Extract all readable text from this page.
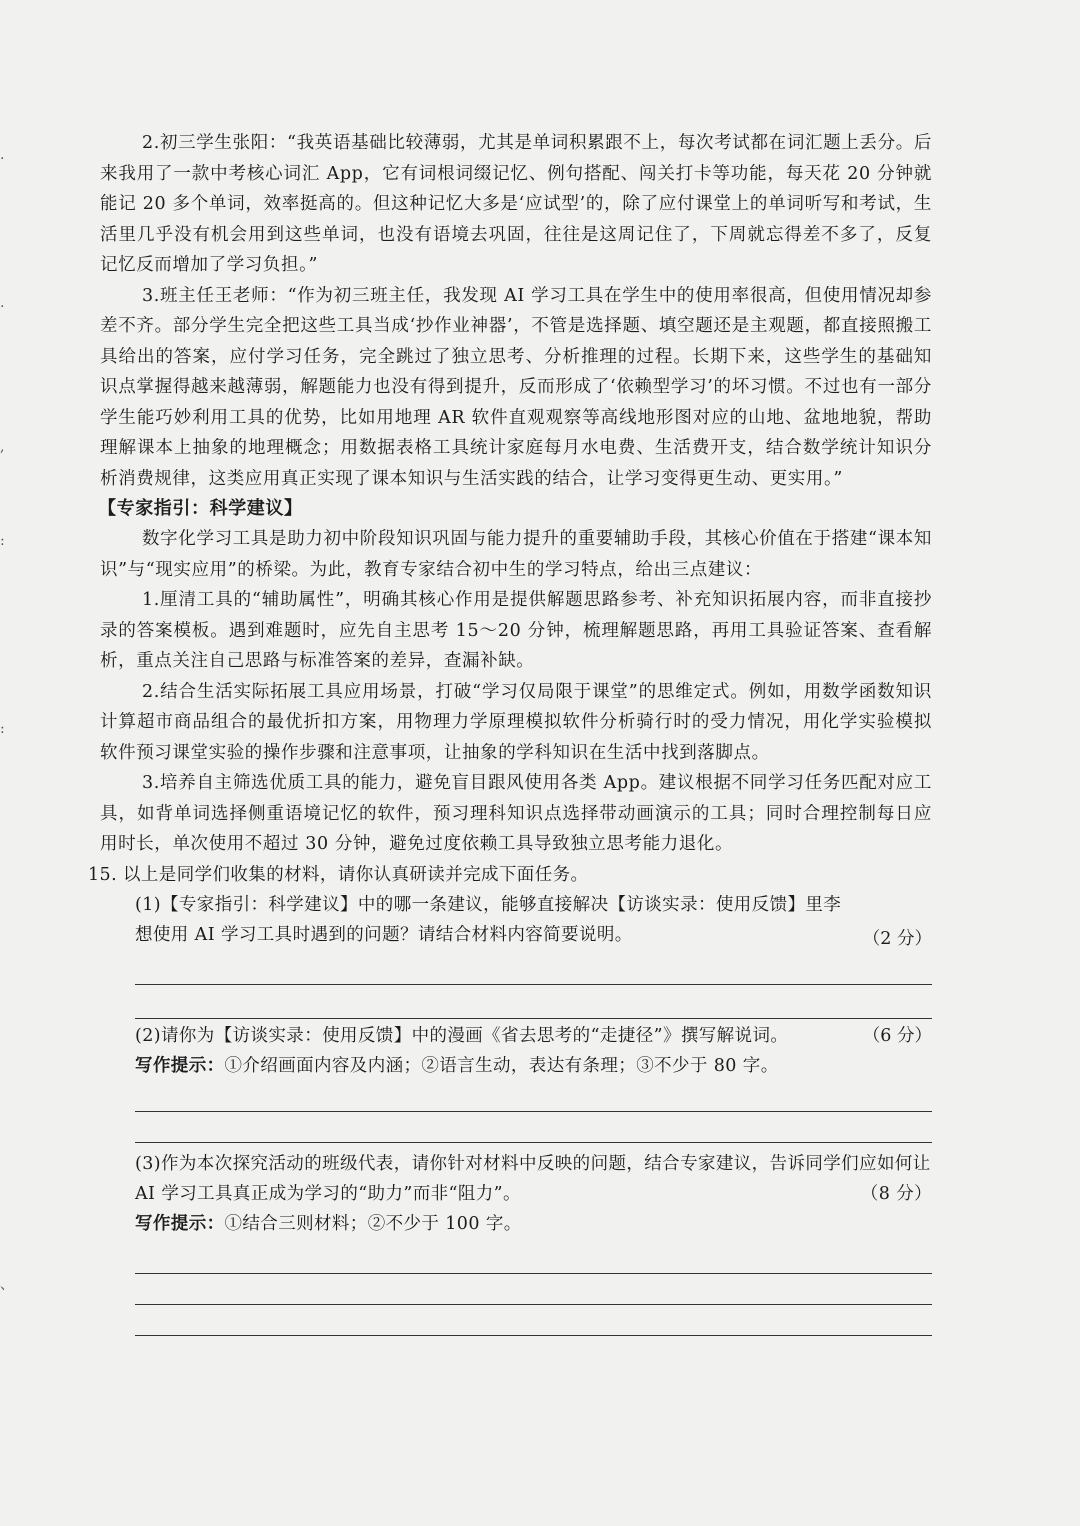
.
.
,
:
:
、

2.初三学生张阳：“我英语基础比较薄弱，尤其是单词积累跟不上，每次考试都在词汇题上丢分。后来我用了一款中考核心词汇 App，它有词根词缀记忆、例句搭配、闯关打卡等功能，每天花 20 分钟就能记 20 多个单词，效率挺高的。但这种记忆大多是‘应试型’的，除了应付课堂上的单词听写和考试，生活里几乎没有机会用到这些单词，也没有语境去巩固，往往是这周记住了，下周就忘得差不多了，反复记忆反而增加了学习负担。”

3.班主任王老师：“作为初三班主任，我发现 AI 学习工具在学生中的使用率很高，但使用情况却参差不齐。部分学生完全把这些工具当成‘抄作业神器’，不管是选择题、填空题还是主观题，都直接照搬工具给出的答案，应付学习任务，完全跳过了独立思考、分析推理的过程。长期下来，这些学生的基础知识点掌握得越来越薄弱，解题能力也没有得到提升，反而形成了‘依赖型学习’的坏习惯。不过也有一部分学生能巧妙利用工具的优势，比如用地理 AR 软件直观观察等高线地形图对应的山地、盆地地貌，帮助理解课本上抽象的地理概念；用数据表格工具统计家庭每月水电费、生活费开支，结合数学统计知识分析消费规律，这类应用真正实现了课本知识与生活实践的结合，让学习变得更生动、更实用。”

【专家指引：科学建议】

数字化学习工具是助力初中阶段知识巩固与能力提升的重要辅助手段，其核心价值在于搭建“课本知识”与“现实应用”的桥梁。为此，教育专家结合初中生的学习特点，给出三点建议：

1.厘清工具的“辅助属性”，明确其核心作用是提供解题思路参考、补充知识拓展内容，而非直接抄录的答案模板。遇到难题时，应先自主思考 15～20 分钟，梳理解题思路，再用工具验证答案、查看解析，重点关注自己思路与标准答案的差异，查漏补缺。

2.结合生活实际拓展工具应用场景，打破“学习仅局限于课堂”的思维定式。例如，用数学函数知识计算超市商品组合的最优折扣方案，用物理力学原理模拟软件分析骑行时的受力情况，用化学实验模拟软件预习课堂实验的操作步骤和注意事项，让抽象的学科知识在生活中找到落脚点。

3.培养自主筛选优质工具的能力，避免盲目跟风使用各类 App。建议根据不同学习任务匹配对应工具，如背单词选择侧重语境记忆的软件，预习理科知识点选择带动画演示的工具；同时合理控制每日应用时长，单次使用不超过 30 分钟，避免过度依赖工具导致独立思考能力退化。

15. 以上是同学们收集的材料，请你认真研读并完成下面任务。

(1)【专家指引：科学建议】中的哪一条建议，能够直接解决【访谈实录：使用反馈】里李想使用 AI 学习工具时遇到的问题？请结合材料内容简要说明。	（2 分）

(2)请你为【访谈实录：使用反馈】中的漫画《省去思考的“走捷径”》撰写解说词。	（6 分）

写作提示：①介绍画面内容及内涵；②语言生动，表达有条理；③不少于 80 字。

(3)作为本次探究活动的班级代表，请你针对材料中反映的问题，结合专家建议，告诉同学们应如何让 AI 学习工具真正成为学习的“助力”而非“阻力”。	（8 分）

写作提示：①结合三则材料；②不少于 100 字。
